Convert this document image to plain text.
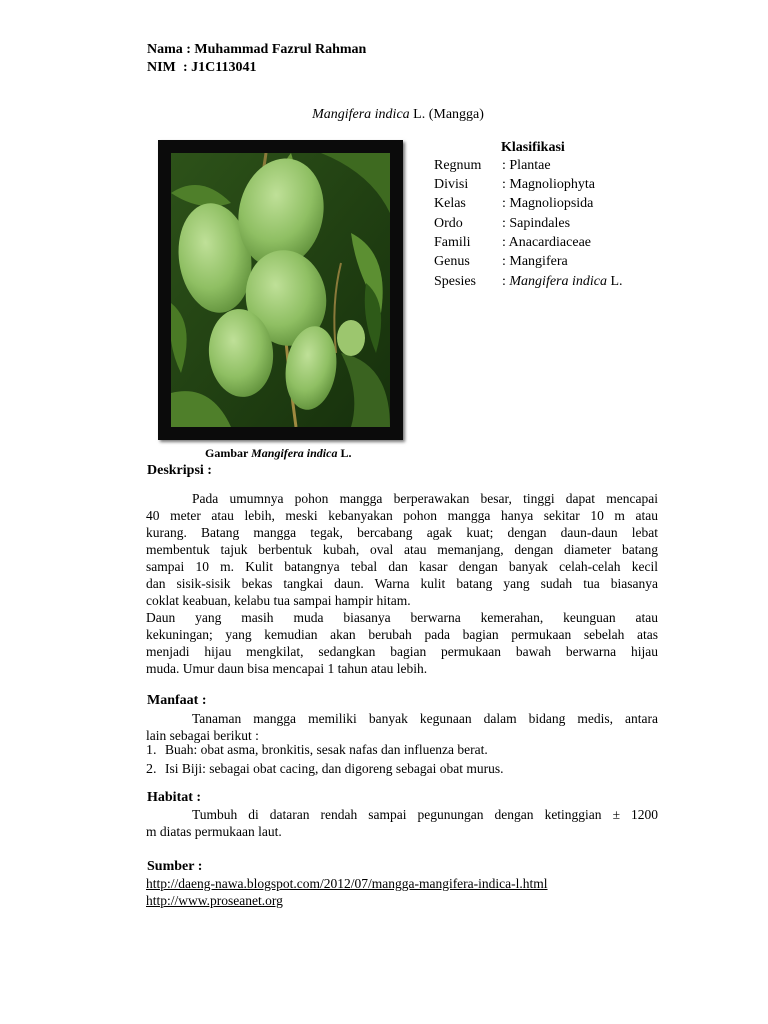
Nama : Muhammad Fazrul Rahman
NIM : J1C113041
Mangifera indica L. (Mangga)
Gambar Mangifera indica L.
Klasifikasi
Regnum : Plantae
Divisi : Magnoliophyta
Kelas	: Magnoliopsida
Ordo	: Sapindales
Famili : Anacardiaceae
Genus : Mangifera
Spesies : Mangifera indica L.
Deskripsi :
Pada umumnya pohon mangga berperawakan besar, tinggi dapat mencapai
40 meter atau lebih, meski kebanyakan pohon mangga hanya sekitar 10 m atau
kurang. Batang mangga tegak, bercabang agak kuat; dengan daun-daun lebat
membentuk tajuk berbentuk kubah, oval atau memanjang, dengan diameter batang
sampai 10 m. Kulit batangnya tebal dan kasar dengan banyak celah-celah kecil
dan sisik-sisik bekas tangkai daun. Warna kulit batang yang sudah tua biasanya
coklat keabuan, kelabu tua sampai hampir hitam.
Daun yang masih muda biasanya berwarna kemerahan, keunguan atau
kekuningan; yang kemudian akan berubah pada bagian permukaan sebelah atas
menjadi hijau mengkilat, sedangkan bagian permukaan bawah berwarna hijau
muda. Umur daun bisa mencapai 1 tahun atau lebih.
Manfaat :
Tanaman mangga memiliki banyak kegunaan dalam bidang medis, antara
lain sebagai berikut :
1. Buah: obat asma, bronkitis, sesak nafas dan influenza berat.
2. Isi Biji: sebagai obat cacing, dan digoreng sebagai obat murus.
Habitat :
Tumbuh di dataran rendah sampai pegunungan dengan ketinggian ± 1200
m diatas permukaan laut.
Sumber :
http://daeng-nawa.blogspot.com/2012/07/mangga-mangifera-indica-l.html
http://www.proseanet.org
